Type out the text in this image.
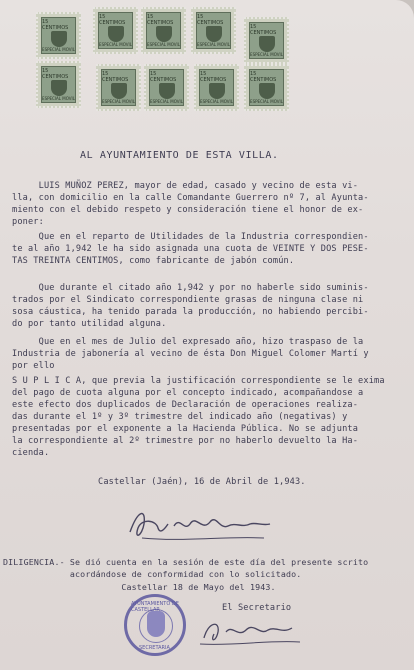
15 CENTIMOS
ESPECIAL MOVIL
15 CENTIMOS
ESPECIAL MOVIL
15 CENTIMOS
ESPECIAL MOVIL
15 CENTIMOS
ESPECIAL MOVIL
15 CENTIMOS
ESPECIAL MOVIL
15 CENTIMOS
ESPECIAL MOVIL
15 CENTIMOS
ESPECIAL MOVIL
15 CENTIMOS
ESPECIAL MOVIL
15 CENTIMOS
ESPECIAL MOVIL
15 CENTIMOS
ESPECIAL MOVIL
AL AYUNTAMIENTO DE ESTA VILLA.
LUIS MUÑOZ PEREZ, mayor de edad, casado y vecino de esta vi-
lla, con domicilio en la calle Comandante Guerrero nº 7, al Ayunta-
miento con el debido respeto y consideración tiene el honor de ex-
poner:
Que en el reparto de Utilidades de la Industria correspondien-
te al año 1,942 le ha sido asignada una cuota de VEINTE Y DOS PESE-
TAS TREINTA CENTIMOS, como fabricante de jabón común.
Que durante el citado año 1,942 y por no haberle sido suminis-
trados por el Sindicato correspondiente grasas de ninguna clase ni
sosa cáustica, ha tenido parada la producción, no habiendo percibi-
do por tanto utilidad alguna.
Que en el mes de Julio del expresado año, hizo traspaso de la
Industria de jabonería al vecino de ésta Don Miguel Colomer Martí y
por ello
S U P L I C A, que previa la justificación correspondiente se le exima
del pago de cuota alguna por el concepto indicado, acompañandose a
este efecto dos duplicados de Declaración de operaciones realiza-
das durante el 1º y 3º trimestre del indicado año (negativas) y
presentadas por el exponente a la Hacienda Pública. No se adjunta
la correspondiente al 2º trimestre por no haberlo devuelto la Ha-
cienda.
Castellar (Jaén), 16 de Abril de 1,943.
DILIGENCIA.- Se dió cuenta en la sesión de este día del presente scrito
acordándose de conformidad con lo solicitado.
Castellar 18 de Mayo del 1943.
El Secretario
AYUNTAMIENTO DE CASTELLAR
SECRETARIA
